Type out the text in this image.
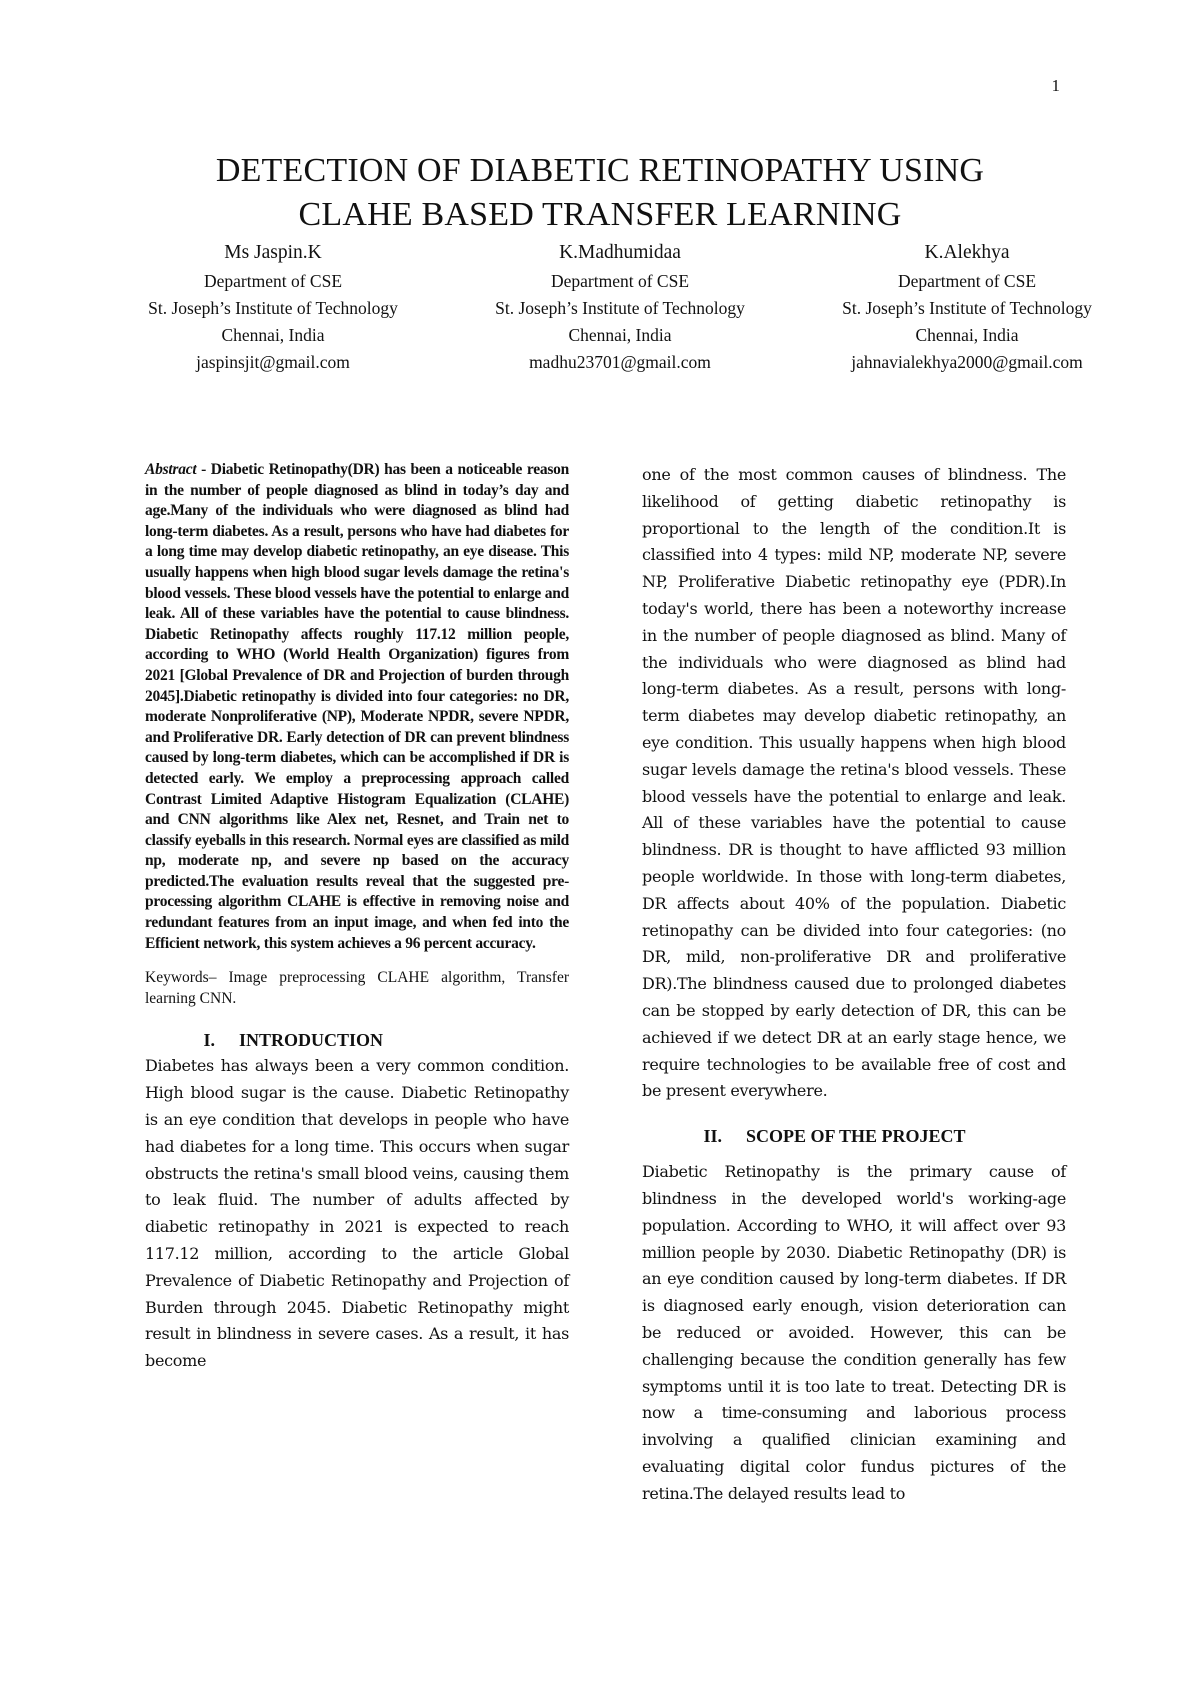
1
DETECTION OF DIABETIC RETINOPATHY USING
CLAHE BASED TRANSFER LEARNING
Ms Jaspin.K
Department of CSE
St. Joseph’s Institute of Technology
Chennai, India
jaspinsjit@gmail.com
K.Madhumidaa
Department of CSE
St. Joseph’s Institute of Technology
Chennai, India
madhu23701@gmail.com
K.Alekhya
Department of CSE
St. Joseph’s Institute of Technology
Chennai, India
jahnavialekhya2000@gmail.com

Abstract - Diabetic Retinopathy(DR) has been a noticeable reason in the number of people diagnosed as blind in today’s day and age.Many of the individuals who were diagnosed as blind had long-term diabetes. As a result, persons who have had diabetes for a long time may develop diabetic retinopathy, an eye disease. This usually happens when high blood sugar levels damage the retina's blood vessels. These blood vessels have the potential to enlarge and leak. All of these variables have the potential to cause blindness. Diabetic Retinopathy affects roughly 117.12 million people, according to WHO (World Health Organization) figures from 2021 [Global Prevalence of DR and Projection of burden through 2045].Diabetic retinopathy is divided into four categories: no DR, moderate Nonproliferative (NP), Moderate NPDR, severe NPDR, and Proliferative DR. Early detection of DR can prevent blindness caused by long-term diabetes, which can be accomplished if DR is detected early. We employ a preprocessing approach called Contrast Limited Adaptive Histogram Equalization (CLAHE) and CNN algorithms like Alex net, Resnet, and Train net to classify eyeballs in this research. Normal eyes are classified as mild np, moderate np, and severe np based on the accuracy predicted.The evaluation results reveal that the suggested pre-processing algorithm CLAHE is effective in removing noise and redundant features from an input image, and when fed into the Efficient network, this system achieves a 96 percent accuracy.

Keywords– Image preprocessing CLAHE algorithm, Transfer learning CNN.

I.	INTRODUCTION

Diabetes has always been a very common condition. High blood sugar is the cause. Diabetic Retinopathy is an eye condition that develops in people who have had diabetes for a long time. This occurs when sugar obstructs the retina's small blood veins, causing them to leak fluid. The number of adults affected by diabetic retinopathy in 2021 is expected to reach 117.12 million, according to the article Global Prevalence of Diabetic Retinopathy and Projection of Burden through 2045. Diabetic Retinopathy might result in blindness in severe cases. As a result, it has become

one of the most common causes of blindness. The likelihood of getting diabetic retinopathy is proportional to the length of the condition.It is classified into 4 types: mild NP, moderate NP, severe NP, Proliferative Diabetic retinopathy eye (PDR).In today's world, there has been a noteworthy increase in the number of people diagnosed as blind. Many of the individuals who were diagnosed as blind had long-term diabetes. As a result, persons with long-term diabetes may develop diabetic retinopathy, an eye condition. This usually happens when high blood sugar levels damage the retina's blood vessels. These blood vessels have the potential to enlarge and leak. All of these variables have the potential to cause blindness. DR is thought to have afflicted 93 million people worldwide. In those with long-term diabetes, DR affects about 40% of the population. Diabetic retinopathy can be divided into four categories: (no DR, mild, non-proliferative DR and proliferative DR).The blindness caused due to prolonged diabetes can be stopped by early detection of DR, this can be achieved if we detect DR at an early stage hence, we require technologies to be available free of cost and be present everywhere.

II.	SCOPE OF THE PROJECT

Diabetic Retinopathy is the primary cause of blindness in the developed world's working-age population. According to WHO, it will affect over 93 million people by 2030. Diabetic Retinopathy (DR) is an eye condition caused by long-term diabetes. If DR is diagnosed early enough, vision deterioration can be reduced or avoided. However, this can be challenging because the condition generally has few symptoms until it is too late to treat. Detecting DR is now a time-consuming and laborious process involving a qualified clinician examining and evaluating digital color fundus pictures of the retina.The delayed results lead to
